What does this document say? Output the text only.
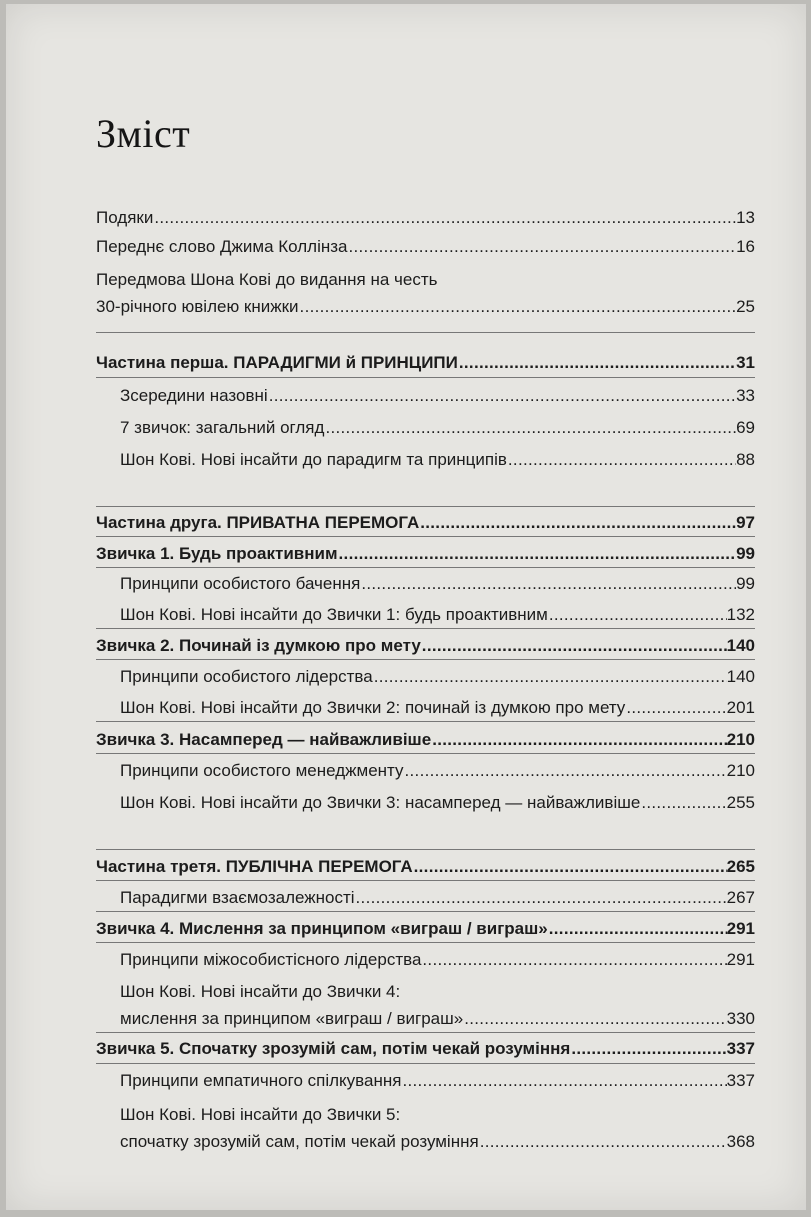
Зміст
Подяки .....	13
Переднє слово Джима Коллінза .....	16
Передмова Шона Кові до видання на честь
30-річного ювілею книжки .....	25
Частина перша. ПАРАДИГМИ й ПРИНЦИПИ .....	31
Зсередини назовні .....	33
7 звичок: загальний огляд .....	69
Шон Кові. Нові інсайти до парадигм та принципів .....	88
Частина друга. ПРИВАТНА ПЕРЕМОГА .....	97
Звичка 1. Будь проактивним .....	99
Принципи особистого бачення .....	99
Шон Кові. Нові інсайти до Звички 1: будь проактивним .....	132
Звичка 2. Починай із думкою про мету .....	140
Принципи особистого лідерства .....	140
Шон Кові. Нові інсайти до Звички 2: починай із думкою про мету .....	201
Звичка 3. Насамперед — найважливіше .....	210
Принципи особистого менеджменту .....	210
Шон Кові. Нові інсайти до Звички 3: насамперед — найважливіше .....	255
Частина третя. ПУБЛІЧНА ПЕРЕМОГА .....	265
Парадигми взаємозалежності .....	267
Звичка 4. Мислення за принципом «виграш / виграш» .....	291
Принципи міжособистісного лідерства .....	291
Шон Кові. Нові інсайти до Звички 4:
мислення за принципом «виграш / виграш» .....	330
Звичка 5. Спочатку зрозумій сам, потім чекай розуміння .....	337
Принципи емпатичного спілкування .....	337
Шон Кові. Нові інсайти до Звички 5:
спочатку зрозумій сам, потім чекай розуміння .....	368
